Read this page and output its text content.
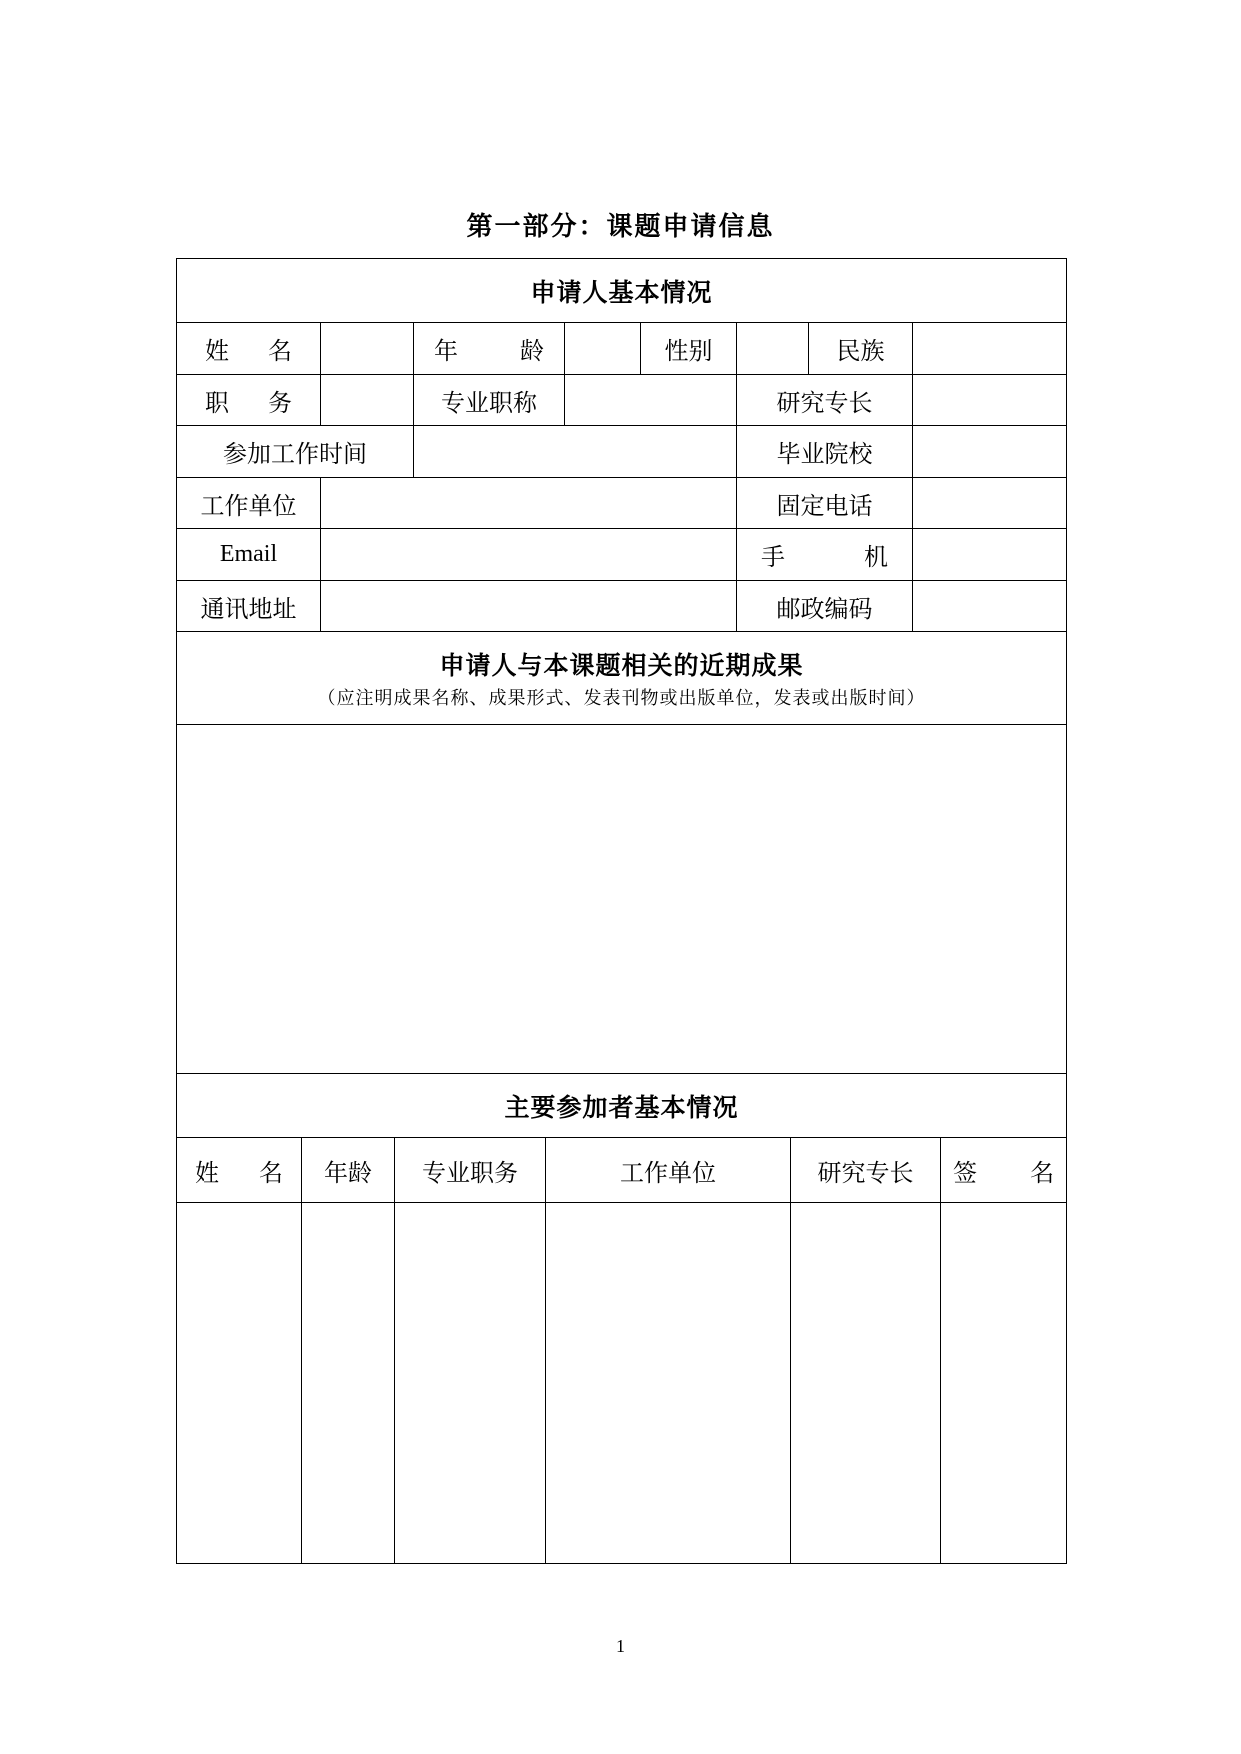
第一部分：课题申请信息
申请人基本情况							

姓 名		年 龄		性别		民族	

职 务		专业职称			研究专长		
参加工作时间					毕业院校		
工作单位					固定电话		
Email					手 机		

通讯地址					邮政编码		
申请人与本课题相关的近期成果
（应注明成果名称、成果形式、发表刊物或出版单位，发表或出版时间）							

主要参加者基本情况					

姓 名	年龄	专业职务	工作单位	研究专长	签 名

1
